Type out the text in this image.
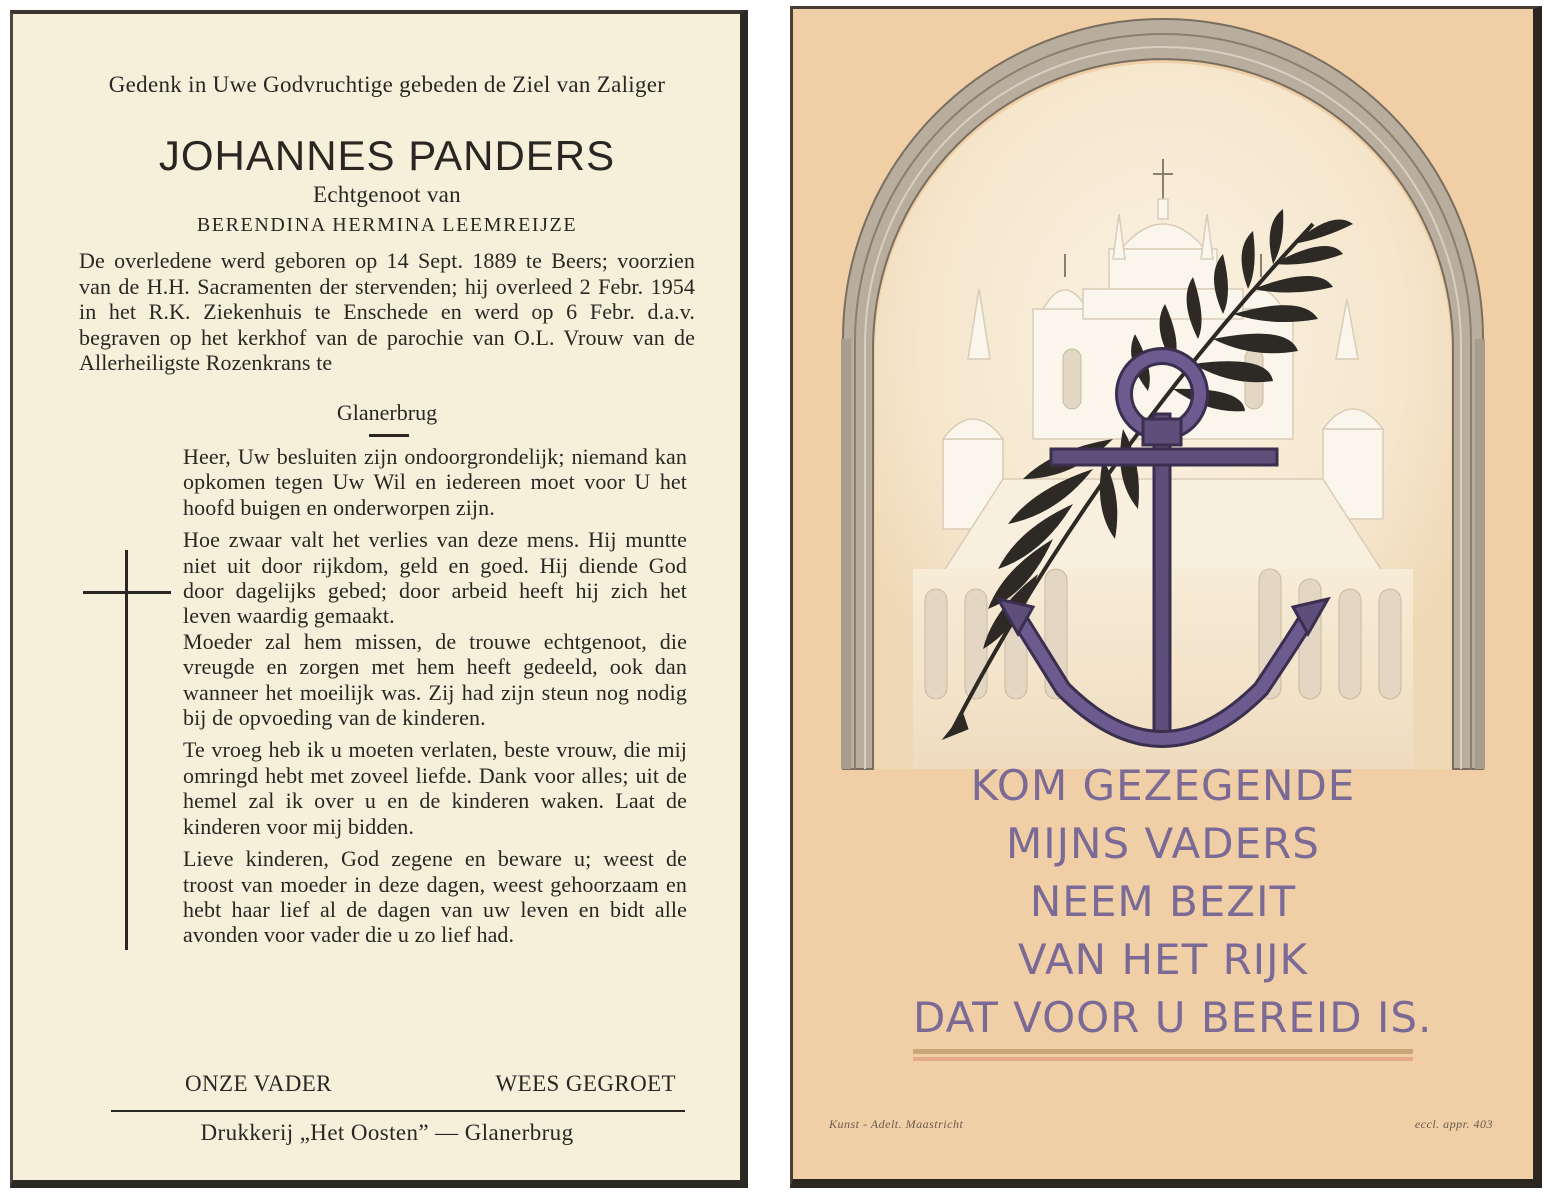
Gedenk in Uwe Godvruchtige gebeden de Ziel van Zaliger
JOHANNES PANDERS
Echtgenoot van
BERENDINA HERMINA LEEMREIJZE
De overledene werd geboren op 14 Sept. 1889 te Beers; voorzien van de H.H. Sacramenten der stervenden; hij overleed 2 Febr. 1954 in het R.K. Ziekenhuis te Enschede en werd op 6 Febr. d.a.v. begraven op het kerkhof van de parochie van O.L. Vrouw van de Allerheiligste Rozenkrans te
Glanerbrug

Heer, Uw besluiten zijn ondoorgrondelijk; niemand kan opkomen tegen Uw Wil en iedereen moet voor U het hoofd buigen en onderworpen zijn.

Hoe zwaar valt het verlies van deze mens. Hij muntte niet uit door rijkdom, geld en goed. Hij diende God door dagelijks gebed; door arbeid heeft hij zich het leven waardig gemaakt.

Moeder zal hem missen, de trouwe echtgenoot, die vreugde en zorgen met hem heeft gedeeld, ook dan wanneer het moeilijk was. Zij had zijn steun nog nodig bij de opvoeding van de kinderen.

Te vroeg heb ik u moeten verlaten, beste vrouw, die mij omringd hebt met zoveel liefde. Dank voor alles; uit de hemel zal ik over u en de kinderen waken. Laat de kinderen voor mij bidden.

Lieve kinderen, God zegene en beware u; weest de troost van moeder in deze dagen, weest gehoorzaam en hebt haar lief al de dagen van uw leven en bidt alle avonden voor vader die u zo lief had.

ONZE VADER	WEES GEGROET
Drukkerij „Het Oosten” — Glanerbrug
KOM GEZEGENDE
MIJNS VADERS
NEEM BEZIT
VAN HET RIJK
DAT VOOR U BEREID IS.
Kunst - Adelt. Maastricht	eccl. appr. 403
